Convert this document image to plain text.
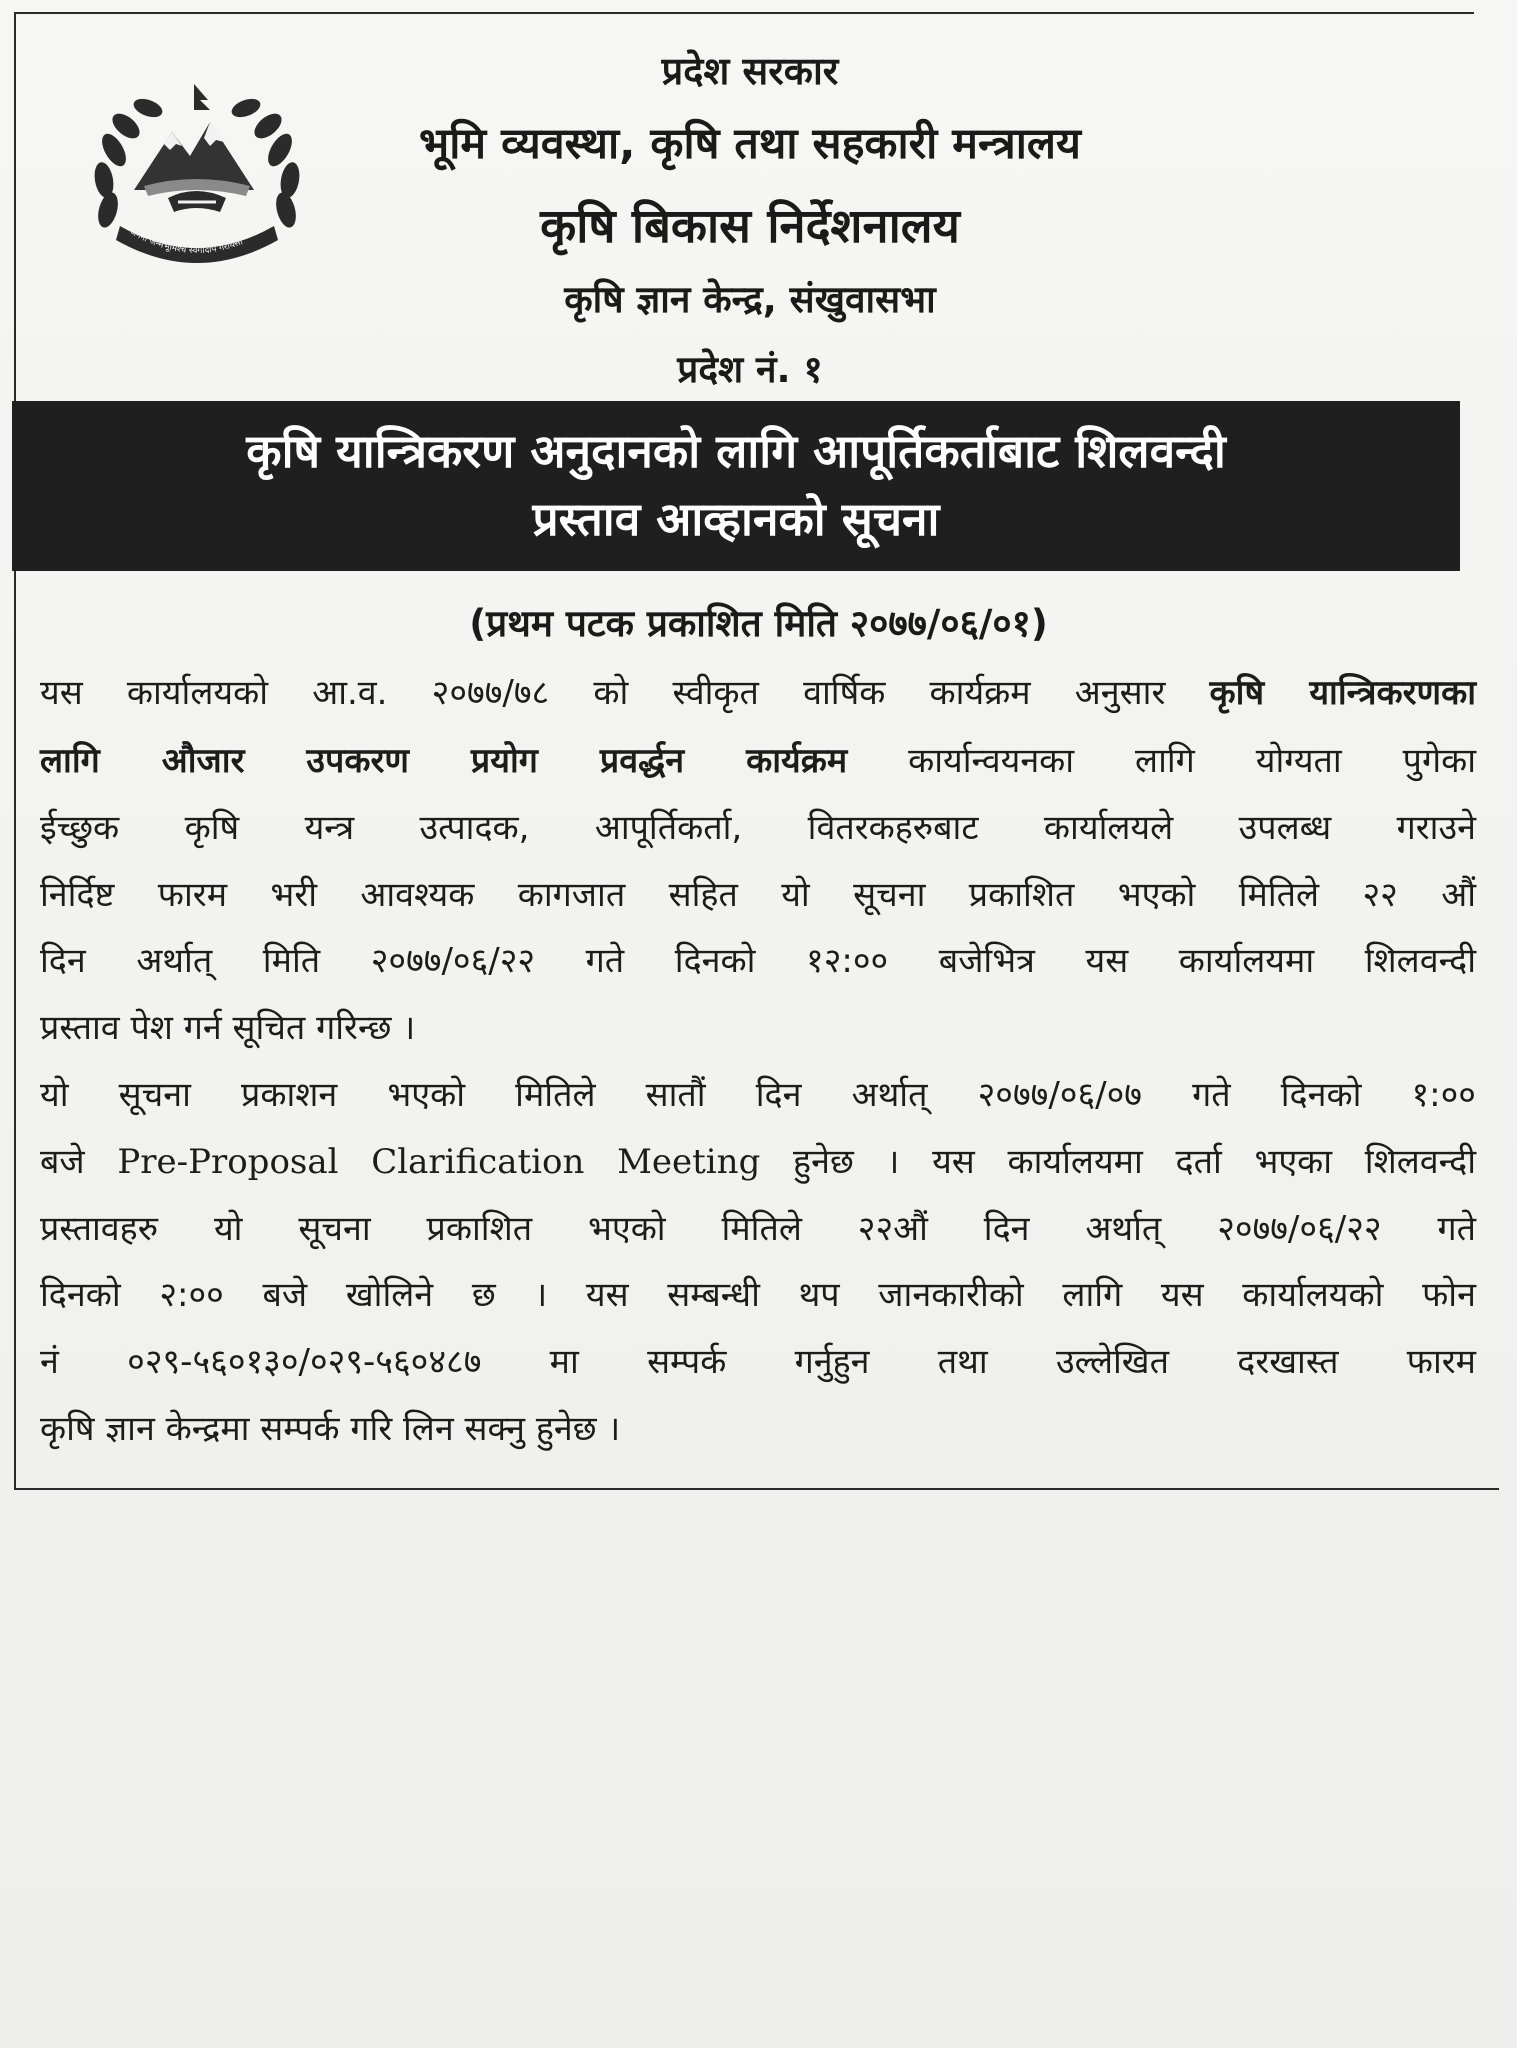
जननी जन्मभूमिश्च स्वर्गादपि गरीयसी
प्रदेश सरकार
भूमि व्यवस्था, कृषि तथा सहकारी मन्त्रालय
कृषि बिकास निर्देशनालय
कृषि ज्ञान केन्द्र, संखुवासभा
प्रदेश नं. १
कृषि यान्त्रिकरण अनुदानको लागि आपूर्तिकर्ताबाट शिलवन्दी
प्रस्ताव आव्हानको सूचना
(प्रथम पटक प्रकाशित मिति २०७७/०६/०१)
यस कार्यालयको आ.व. २०७७/७८ को स्वीकृत वार्षिक कार्यक्रम अनुसार कृषि यान्त्रिकरणका
लागि औजार उपकरण प्रयोग प्रवर्द्धन कार्यक्रम कार्यान्वयनका लागि योग्यता पुगेका
ईच्छुक कृषि यन्त्र उत्पादक, आपूर्तिकर्ता, वितरकहरुबाट कार्यालयले उपलब्ध गराउने
निर्दिष्ट फारम भरी आवश्यक कागजात सहित यो सूचना प्रकाशित भएको मितिले २२ औं
दिन अर्थात् मिति २०७७/०६/२२ गते दिनको १२:०० बजेभित्र यस कार्यालयमा शिलवन्दी
प्रस्ताव पेश गर्न सूचित गरिन्छ ।
यो सूचना प्रकाशन भएको मितिले सातौं दिन अर्थात् २०७७/०६/०७ गते दिनको १:००
बजे Pre-Proposal Clarification Meeting हुनेछ । यस कार्यालयमा दर्ता भएका शिलवन्दी
प्रस्तावहरु यो सूचना प्रकाशित भएको मितिले २२औं दिन अर्थात् २०७७/०६/२२ गते
दिनको २:०० बजे खोलिने छ । यस सम्बन्धी थप जानकारीको लागि यस कार्यालयको फोन
नं ०२९-५६०१३०/०२९-५६०४८७ मा सम्पर्क गर्नुहुन तथा उल्लेखित दरखास्त फारम
कृषि ज्ञान केन्द्रमा सम्पर्क गरि लिन सक्नु हुनेछ ।
